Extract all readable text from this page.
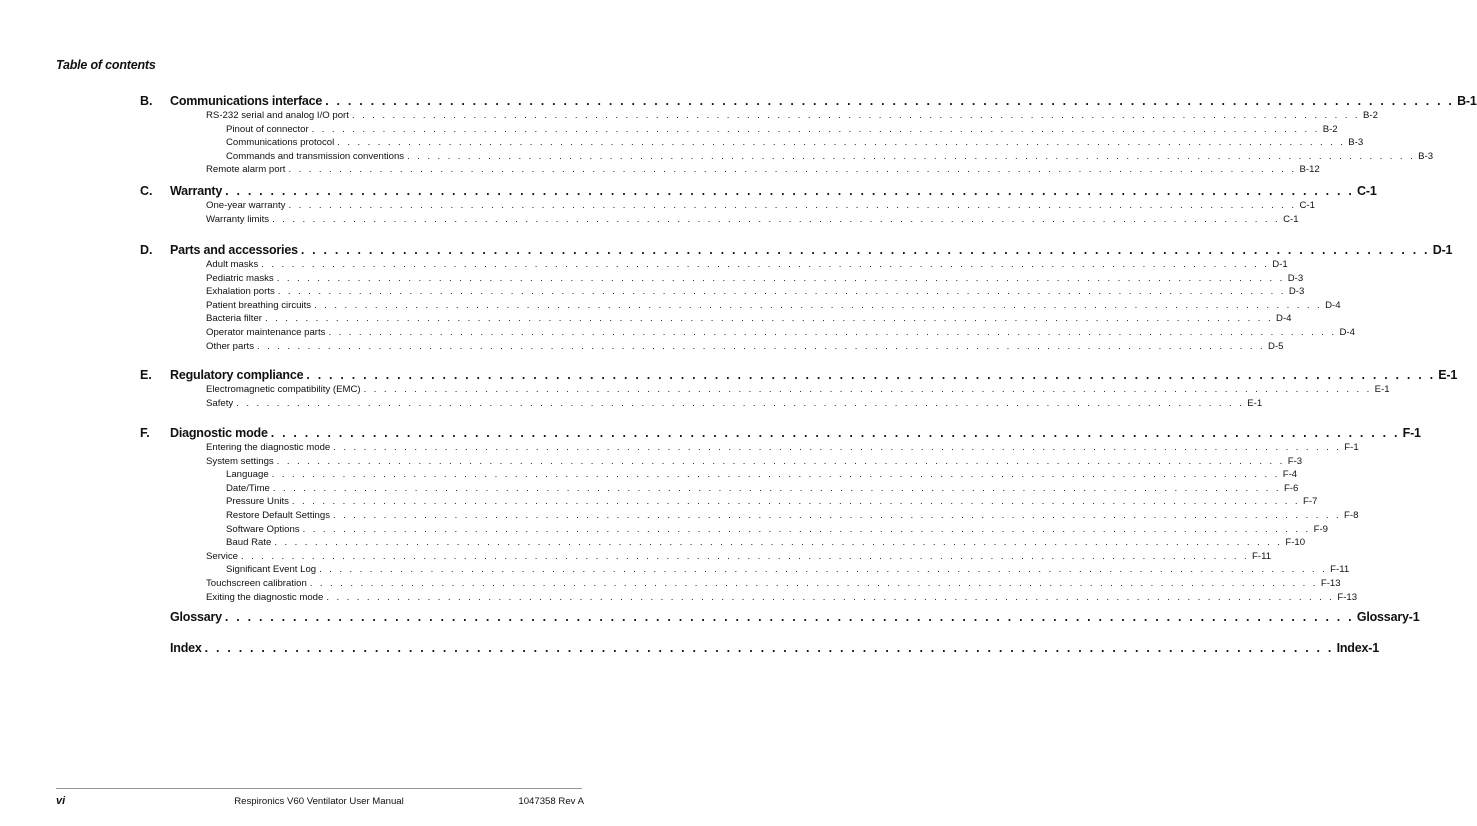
Table of contents
B. Communications interface . . . . . . . . . . . . . . . . . . . . . . . . . . . . . . . . . . . . . . . . . . . . . . . . . . . . . . . . . . . . . . . . . . . . . . . . . . . . . . . . . . . . . . . . . . . . . . . . . . . . B-1
RS-232 serial and analog I/O port . . . . . . . . . . . . . . . . . . . . . . . . . . . . . . . . . . . . . . . . . . . . . . . . . . . . . . . . . . . . . . . . . . . . . . . . . . . . . . . . . . . . . . . . . . . . . . . . . . . . B-2
Pinout of connector . . . . . . . . . . . . . . . . . . . . . . . . . . . . . . . . . . . . . . . . . . . . . . . . . . . . . . . . . . . . . . . . . . . . . . . . . . . . . . . . . . . . . . . . . . . . . . . . . . . . B-2
Communications protocol . . . . . . . . . . . . . . . . . . . . . . . . . . . . . . . . . . . . . . . . . . . . . . . . . . . . . . . . . . . . . . . . . . . . . . . . . . . . . . . . . . . . . . . . . . . . . . . . . . . . B-3
Commands and transmission conventions . . . . . . . . . . . . . . . . . . . . . . . . . . . . . . . . . . . . . . . . . . . . . . . . . . . . . . . . . . . . . . . . . . . . . . . . . . . . . . . . . . . . . . . . . . . . . . . . . . . . B-3
Remote alarm port . . . . . . . . . . . . . . . . . . . . . . . . . . . . . . . . . . . . . . . . . . . . . . . . . . . . . . . . . . . . . . . . . . . . . . . . . . . . . . . . . . . . . . . . . . . . . . . . . . . . B-12
C. Warranty . . . . . . . . . . . . . . . . . . . . . . . . . . . . . . . . . . . . . . . . . . . . . . . . . . . . . . . . . . . . . . . . . . . . . . . . . . . . . . . . . . . . . . . . . . . . . . . . . . . . C-1
One-year warranty . . . . . . . . . . . . . . . . . . . . . . . . . . . . . . . . . . . . . . . . . . . . . . . . . . . . . . . . . . . . . . . . . . . . . . . . . . . . . . . . . . . . . . . . . . . . . . . . . . . . C-1
Warranty limits . . . . . . . . . . . . . . . . . . . . . . . . . . . . . . . . . . . . . . . . . . . . . . . . . . . . . . . . . . . . . . . . . . . . . . . . . . . . . . . . . . . . . . . . . . . . . . . . . . . . C-1
D. Parts and accessories . . . . . . . . . . . . . . . . . . . . . . . . . . . . . . . . . . . . . . . . . . . . . . . . . . . . . . . . . . . . . . . . . . . . . . . . . . . . . . . . . . . . . . . . . . . . . . . . . . . . D-1
Adult masks . . . . . . . . . . . . . . . . . . . . . . . . . . . . . . . . . . . . . . . . . . . . . . . . . . . . . . . . . . . . . . . . . . . . . . . . . . . . . . . . . . . . . . . . . . . . . . . . . . . . D-1
Pediatric masks . . . . . . . . . . . . . . . . . . . . . . . . . . . . . . . . . . . . . . . . . . . . . . . . . . . . . . . . . . . . . . . . . . . . . . . . . . . . . . . . . . . . . . . . . . . . . . . . . . . . D-3
Exhalation ports . . . . . . . . . . . . . . . . . . . . . . . . . . . . . . . . . . . . . . . . . . . . . . . . . . . . . . . . . . . . . . . . . . . . . . . . . . . . . . . . . . . . . . . . . . . . . . . . . . . . D-3
Patient breathing circuits . . . . . . . . . . . . . . . . . . . . . . . . . . . . . . . . . . . . . . . . . . . . . . . . . . . . . . . . . . . . . . . . . . . . . . . . . . . . . . . . . . . . . . . . . . . . . . . . . . . . D-4
Bacteria filter . . . . . . . . . . . . . . . . . . . . . . . . . . . . . . . . . . . . . . . . . . . . . . . . . . . . . . . . . . . . . . . . . . . . . . . . . . . . . . . . . . . . . . . . . . . . . . . . . . . . D-4
Operator maintenance parts . . . . . . . . . . . . . . . . . . . . . . . . . . . . . . . . . . . . . . . . . . . . . . . . . . . . . . . . . . . . . . . . . . . . . . . . . . . . . . . . . . . . . . . . . . . . . . . . . . . . D-4
Other parts . . . . . . . . . . . . . . . . . . . . . . . . . . . . . . . . . . . . . . . . . . . . . . . . . . . . . . . . . . . . . . . . . . . . . . . . . . . . . . . . . . . . . . . . . . . . . . . . . . . . D-5
E. Regulatory compliance . . . . . . . . . . . . . . . . . . . . . . . . . . . . . . . . . . . . . . . . . . . . . . . . . . . . . . . . . . . . . . . . . . . . . . . . . . . . . . . . . . . . . . . . . . . . . . . . . . . . E-1
Electromagnetic compatibility (EMC) . . . . . . . . . . . . . . . . . . . . . . . . . . . . . . . . . . . . . . . . . . . . . . . . . . . . . . . . . . . . . . . . . . . . . . . . . . . . . . . . . . . . . . . . . . . . . . . . . . . . E-1
Safety . . . . . . . . . . . . . . . . . . . . . . . . . . . . . . . . . . . . . . . . . . . . . . . . . . . . . . . . . . . . . . . . . . . . . . . . . . . . . . . . . . . . . . . . . . . . . . . . . . . . E-1
F. Diagnostic mode . . . . . . . . . . . . . . . . . . . . . . . . . . . . . . . . . . . . . . . . . . . . . . . . . . . . . . . . . . . . . . . . . . . . . . . . . . . . . . . . . . . . . . . . . . . . . . . . . . . . F-1
Entering the diagnostic mode . . . . . . . . . . . . . . . . . . . . . . . . . . . . . . . . . . . . . . . . . . . . . . . . . . . . . . . . . . . . . . . . . . . . . . . . . . . . . . . . . . . . . . . . . . . . . . . . . . . . F-1
System settings . . . . . . . . . . . . . . . . . . . . . . . . . . . . . . . . . . . . . . . . . . . . . . . . . . . . . . . . . . . . . . . . . . . . . . . . . . . . . . . . . . . . . . . . . . . . . . . . . . . . F-3
Language . . . . . . . . . . . . . . . . . . . . . . . . . . . . . . . . . . . . . . . . . . . . . . . . . . . . . . . . . . . . . . . . . . . . . . . . . . . . . . . . . . . . . . . . . . . . . . . . . . . . F-4
Date/Time . . . . . . . . . . . . . . . . . . . . . . . . . . . . . . . . . . . . . . . . . . . . . . . . . . . . . . . . . . . . . . . . . . . . . . . . . . . . . . . . . . . . . . . . . . . . . . . . . . . . F-6
Pressure Units . . . . . . . . . . . . . . . . . . . . . . . . . . . . . . . . . . . . . . . . . . . . . . . . . . . . . . . . . . . . . . . . . . . . . . . . . . . . . . . . . . . . . . . . . . . . . . . . . . . . F-7
Restore Default Settings . . . . . . . . . . . . . . . . . . . . . . . . . . . . . . . . . . . . . . . . . . . . . . . . . . . . . . . . . . . . . . . . . . . . . . . . . . . . . . . . . . . . . . . . . . . . . . . . . . . . F-8
Software Options . . . . . . . . . . . . . . . . . . . . . . . . . . . . . . . . . . . . . . . . . . . . . . . . . . . . . . . . . . . . . . . . . . . . . . . . . . . . . . . . . . . . . . . . . . . . . . . . . . . . F-9
Baud Rate . . . . . . . . . . . . . . . . . . . . . . . . . . . . . . . . . . . . . . . . . . . . . . . . . . . . . . . . . . . . . . . . . . . . . . . . . . . . . . . . . . . . . . . . . . . . . . . . . . . . F-10
Service . . . . . . . . . . . . . . . . . . . . . . . . . . . . . . . . . . . . . . . . . . . . . . . . . . . . . . . . . . . . . . . . . . . . . . . . . . . . . . . . . . . . . . . . . . . . . . . . . . . . F-11
Significant Event Log . . . . . . . . . . . . . . . . . . . . . . . . . . . . . . . . . . . . . . . . . . . . . . . . . . . . . . . . . . . . . . . . . . . . . . . . . . . . . . . . . . . . . . . . . . . . . . . . . . . . F-11
Touchscreen calibration . . . . . . . . . . . . . . . . . . . . . . . . . . . . . . . . . . . . . . . . . . . . . . . . . . . . . . . . . . . . . . . . . . . . . . . . . . . . . . . . . . . . . . . . . . . . . . . . . . . . F-13
Exiting the diagnostic mode . . . . . . . . . . . . . . . . . . . . . . . . . . . . . . . . . . . . . . . . . . . . . . . . . . . . . . . . . . . . . . . . . . . . . . . . . . . . . . . . . . . . . . . . . . . . . . . . . . . . F-13
Glossary . . . . . . . . . . . . . . . . . . . . . . . . . . . . . . . . . . . . . . . . . . . . . . . . . . . . . . . . . . . . . . . . . . . . . . . . . . . . . . . . . . . . . . . . . . . . . . . . . . . . Glossary-1
Index . . . . . . . . . . . . . . . . . . . . . . . . . . . . . . . . . . . . . . . . . . . . . . . . . . . . . . . . . . . . . . . . . . . . . . . . . . . . . . . . . . . . . . . . . . . . . . . . . . . . Index-1
vi	Respironics V60 Ventilator User Manual	1047358 Rev A
